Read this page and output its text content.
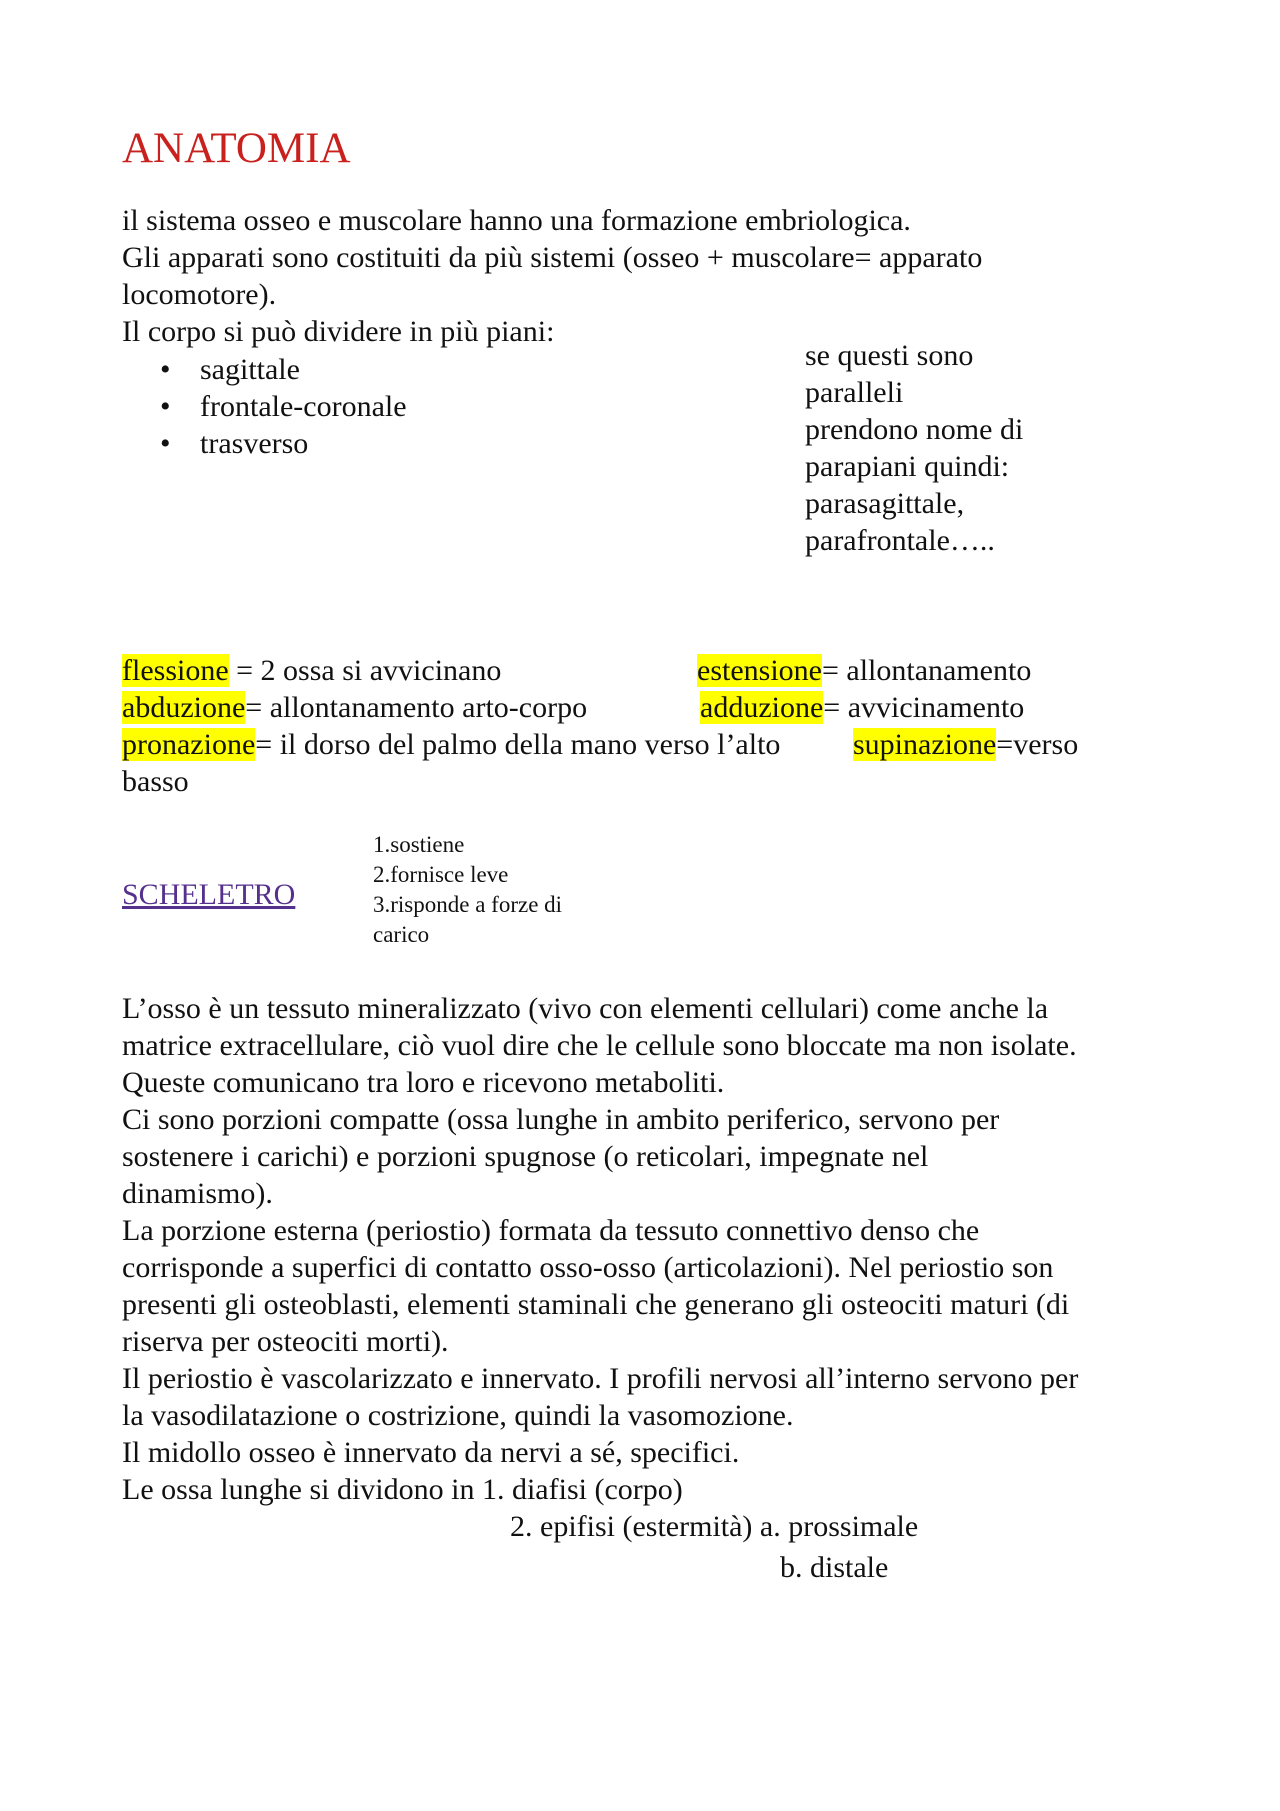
ANATOMIA
il sistema osseo e muscolare hanno una formazione embriologica.
Gli apparati sono costituiti da più sistemi (osseo + muscolare= apparato
locomotore).
Il corpo si può dividere in più piani:
• sagittale
• frontale-coronale
• trasverso
se questi sono
paralleli
prendono nome di
parapiani quindi:
parasagittale,
parafrontale…..
flessione = 2 ossa si avvicinano	estensione= allontanamento
abduzione= allontanamento arto-corpo	adduzione= avvicinamento
pronazione= il dorso del palmo della mano verso l’alto supinazione=verso
basso
SCHELETRO
1.sostiene
2.fornisce leve
3.risponde a forze di
carico
L’osso è un tessuto mineralizzato (vivo con elementi cellulari) come anche la
matrice extracellulare, ciò vuol dire che le cellule sono bloccate ma non isolate.
Queste comunicano tra loro e ricevono metaboliti.
Ci sono porzioni compatte (ossa lunghe in ambito periferico, servono per
sostenere i carichi) e porzioni spugnose (o reticolari, impegnate nel
dinamismo).
La porzione esterna (periostio) formata da tessuto connettivo denso che
corrisponde a superfici di contatto osso-osso (articolazioni). Nel periostio son
presenti gli osteoblasti, elementi staminali che generano gli osteociti maturi (di
riserva per osteociti morti).
Il periostio è vascolarizzato e innervato. I profili nervosi all’interno servono per
la vasodilatazione o costrizione, quindi la vasomozione.
Il midollo osseo è innervato da nervi a sé, specifici.
Le ossa lunghe si dividono in 1. diafisi (corpo)
2. epifisi (estermità) a. prossimale
b. distale
